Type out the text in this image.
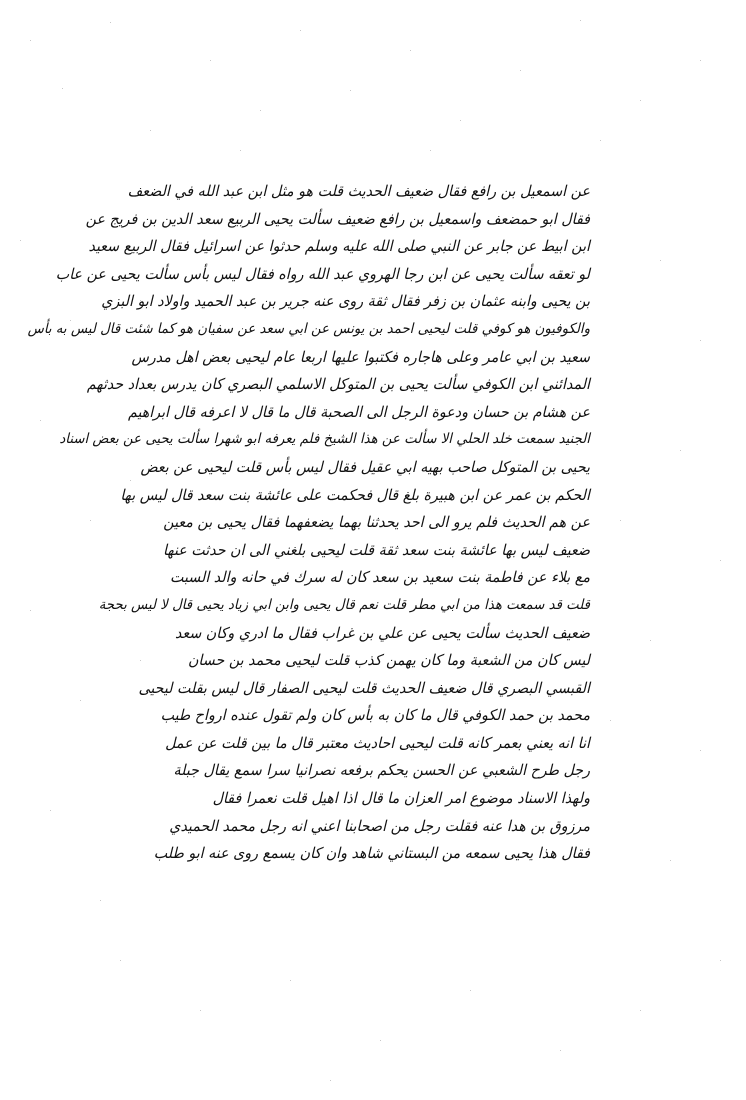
عن اسمعيل بن رافع فقال ضعيف الحديث قلت هو مثل ابن عبد الله في الضعف
فقال ابو حمضعف واسمعيل بن رافع ضعيف سألت يحيى الربيع سعد الدين بن فريج عن
ابن ابيط عن جابر عن النبي صلى الله عليه وسلم حدثوا عن اسرائيل فقال الربيع سعيد
لو تعقه سألت يحيى عن ابن رجا الهروي عبد الله رواه فقال ليس بأس سألت يحيى عن عاب
بن يحيى وابنه عثمان بن زفر فقال ثقة روى عنه جرير بن عبد الحميد واولاد ابو البزي
والكوفيون هو كوفي قلت ليحيى احمد بن يونس عن ابي سعد عن سفيان هو كما شئت قال ليس به بأس
سعيد بن ابي عامر وعلى هاجاره فكتبوا عليها اربعا عام ليحيى بعض اهل مدرس
المدائني ابن الكوفي سألت يحيى بن المتوكل الاسلمي البصري كان يدرس بعداد حدثهم
عن هشام بن حسان ودعوة الرجل الى الصحبة قال ما قال لا اعرفه قال ابراهيم
الجنيد سمعت خلد الحلي الا سألت عن هذا الشيخ فلم يعرفه ابو شهرا سألت يحيى عن بعض اسناد
يحيى بن المتوكل صاحب بهيه ابي عقيل فقال ليس بأس قلت ليحيى عن بعض
الحكم بن عمر عن ابن هبيرة بلغ قال فحكمت على عائشة بنت سعد قال ليس بها
عن هم الحديث فلم يرو الى احد يحدثنا بهما يضعفهما فقال يحيى بن معين
ضعيف ليس بها عائشة بنت سعد ثقة قلت ليحيى بلغني الى ان حدثت عنها
مع بلاء عن فاطمة بنت سعيد بن سعد كان له سرك في حانه والد السبت
قلت قد سمعت هذا من ابي مطر قلت نعم قال يحيى وابن ابي زياد يحيى قال لا ليس بحجة
ضعيف الحديث سألت يحيى عن علي بن غراب فقال ما ادري وكان سعد
ليس كان من الشعبة وما كان يهمن كذب قلت ليحيى محمد بن حسان
القبسي البصري قال ضعيف الحديث قلت ليحيى الصفار قال ليس بقلت ليحيى
محمد بن حمد الكوفي قال ما كان به بأس كان ولم تقول عنده ارواح طيب
انا انه يعني بعمر كانه قلت ليحيى احاديث معتبر قال ما بين قلت عن عمل
رجل طرح الشعبي عن الحسن يحكم برفعه نصرانيا سرا سمع يقال جبلة
ولهذا الاسناد موضوع امر العزان ما قال اذا اهيل قلت نعمرا فقال
مرزوق بن هدا عنه فقلت رجل من اصحابنا اعني انه رجل محمد الحميدي
فقال هذا يحيى سمعه من البستاني شاهد وان كان يسمع روى عنه ابو طلب
